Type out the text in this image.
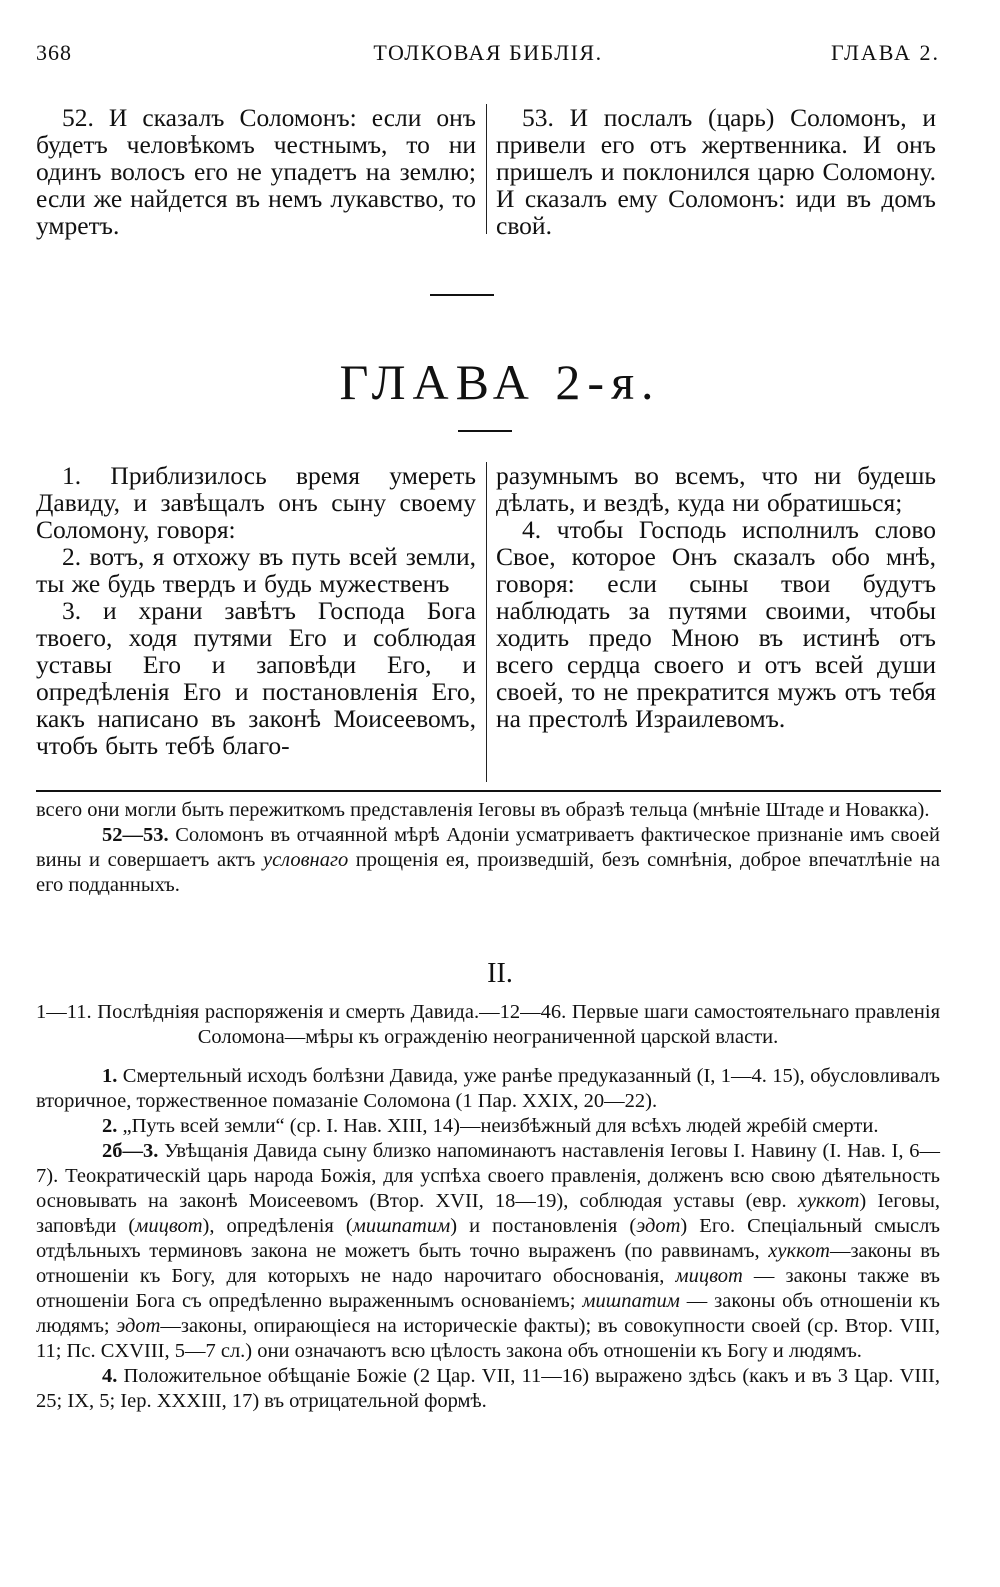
368	ТОЛКОВАЯ БИБЛIЯ.	ГЛАВА 2.

52. И сказалъ Соломонъ: если онъ будетъ человѣкомъ честнымъ, то ни одинъ волосъ его не упадетъ на землю; если же найдется въ немъ лукавство, то умретъ.

53. И послалъ (царь) Соломонъ, и привели его отъ жертвенника. И онъ пришелъ и поклонился царю Соломону. И сказалъ ему Соломонъ: иди въ домъ свой.

ГЛАВА 2-я.

1. Приблизилось время умереть Давиду, и завѣщалъ онъ сыну своему Соломону, говоря:

2. вотъ, я отхожу въ путь всей земли, ты же будь твердъ и будь мужественъ

3. и храни завѣтъ Господа Бога твоего, ходя путями Его и соблюдая уставы Его и заповѣди Его, и опредѣленія Его и постановленія Его, какъ написано въ законѣ Моисеевомъ, чтобъ быть тебѣ благо-

разумнымъ во всемъ, что ни будешь дѣлать, и вездѣ, куда ни обратишься;

4. чтобы Господь исполнилъ слово Свое, которое Онъ сказалъ обо мнѣ, говоря: если сыны твои будутъ наблюдать за путями своими, чтобы ходить предо Мною въ истинѣ отъ всего сердца своего и отъ всей души своей, то не прекратится мужъ отъ тебя на престолѣ Израилевомъ.

всего они могли быть пережиткомъ представленія Іеговы въ образѣ тельца (мнѣніе Штаде и Новакка).

52—53. Соломонъ въ отчаянной мѣрѣ Адоніи усматриваетъ фактическое признаніе имъ своей вины и совершаетъ актъ условнаго прощенія ея, произведшій, безъ сомнѣнія, доброе впечатлѣніе на его подданныхъ.

II.
1—11. Послѣдніяя распоряженія и смерть Давида.—12—46. Первые шаги самостоятельнаго правленія Соломона—мѣры къ огражденію неограниченной царской власти.

1. Смертельный исходъ болѣзни Давида, уже ранѣе предуказанный (I, 1—4. 15), обусловливалъ вторичное, торжественное помазаніе Соломона (1 Пар. XXIX, 20—22).

2. „Путь всей земли“ (ср. I. Нав. XIII, 14)—неизбѣжный для всѣхъ людей жребій смерти.

2б—3. Увѣщанія Давида сыну близко напоминаютъ наставленія Іеговы І. Навину (І. Нав. I, 6—7). Теократическій царь народа Божія, для успѣха своего правленія, долженъ всю свою дѣятельность основывать на законѣ Моисеевомъ (Втор. XVII, 18—19), соблюдая уставы (евр. хуккот) Іеговы, заповѣди (мицвот), опредѣленія (мишпатим) и постановленія (эдот) Его. Спеціальный смыслъ отдѣльныхъ терминовъ закона не можетъ быть точно выраженъ (по раввинамъ, хуккот—законы въ отношеніи къ Богу, для которыхъ не надо нарочитаго обоснованія, мицвот — законы также въ отношеніи Бога съ опредѣленно выраженнымъ основаніемъ; мишпатим — законы объ отношеніи къ людямъ; эдот—законы, опирающіеся на историческіе факты); въ совокупности своей (ср. Втор. VIII, 11; Пс. CXVIII, 5—7 сл.) они означаютъ всю цѣлость закона объ отношеніи къ Богу и людямъ.

4. Положительное обѣщаніе Божіе (2 Цар. VII, 11—16) выражено здѣсь (какъ и въ 3 Цар. VIII, 25; IX, 5; Іер. XXXIII, 17) въ отрицательной формѣ.
